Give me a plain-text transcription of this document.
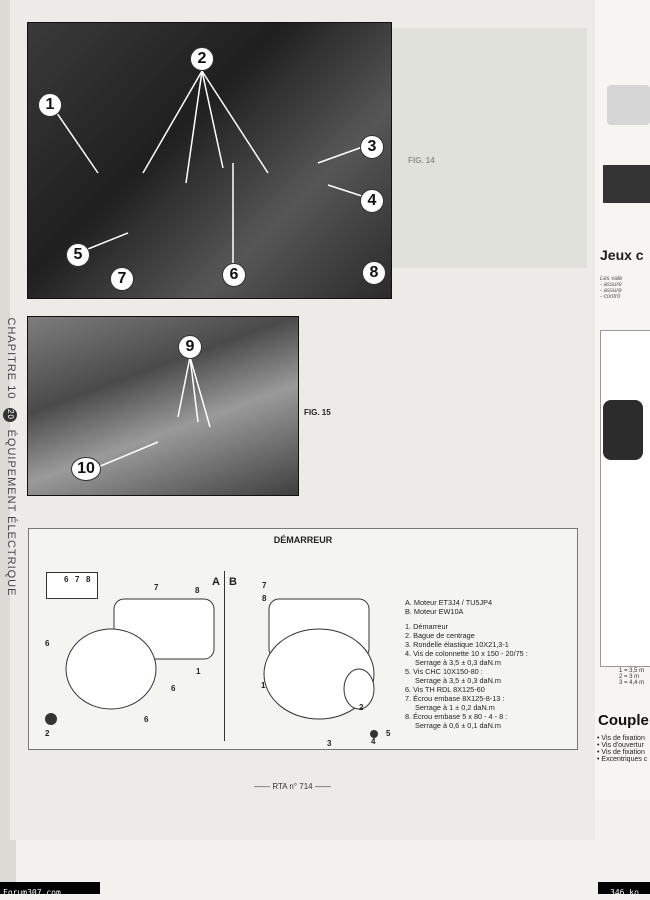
CHAPITRE 10 20 ÉQUIPEMENT ÉLECTRIQUE
1
2
3
4
5
6
7	8
9
10
FIG. 15
DÉMARREUR
6 7 8	A B
7	8
6
1
6
2
6
7
8
1
2
3	4
5
A. Moteur ET3J4 / TU5JP4
B. Moteur EW10A
1. Démarreur
2. Bague de centrage
3. Rondelle élastique 10X21,3-1
4. Vis de colonnette 10 x 150 - 20/75 :
Serrage à 3,5 ± 0,3 daN.m
5. Vis CHC 10X150-80 :
Serrage à 3,5 ± 0,3 daN.m
6. Vis TH RDL 8X125-60
7. Écrou embase 8X125-8-13 :
Serrage à 1 ± 0,2 daN.m
8. Écrou embase 5 x 80 - 4 - 8 :
Serrage à 0,6 ± 0,1 daN.m
—— RTA n° 714 ——
Jeux c
Les vale
- assure
- assure
- contrô
1 = 3,5 m
2 = 3 m
3 = 4,4 m
Couple
• Vis de fixation
• Vis d'ouvertur
• Vis de fixation
• Excentriques c
Forum307.com	346 ko
